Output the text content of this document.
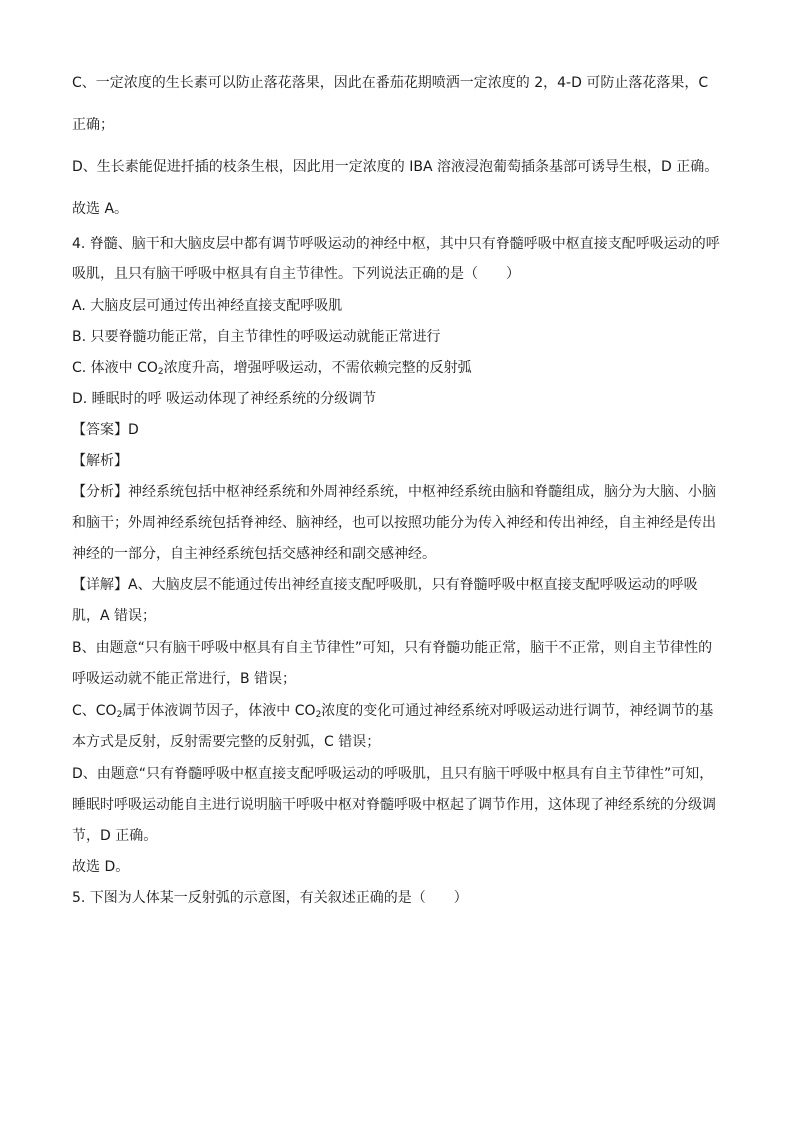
C、一定浓度的生长素可以防止落花落果，因此在番茄花期喷洒一定浓度的 2，4-D 可防止落花落果，C
正确；
D、生长素能促进扦插的枝条生根，因此用一定浓度的 IBA 溶液浸泡葡萄插条基部可诱导生根，D 正确。
故选 A。
4. 脊髓、脑干和大脑皮层中都有调节呼吸运动的神经中枢，其中只有脊髓呼吸中枢直接支配呼吸运动的呼
吸肌，且只有脑干呼吸中枢具有自主节律性。下列说法正确的是（　　）
A. 大脑皮层可通过传出神经直接支配呼吸肌
B. 只要脊髓功能正常，自主节律性的呼吸运动就能正常进行
C. 体液中 $CO_2$浓度升高，增强呼吸运动，不需依赖完整的反射弧
D. 睡眠时的呼 吸运动体现了神经系统的分级调节
【答案】D
【解析】
【分析】神经系统包括中枢神经系统和外周神经系统，中枢神经系统由脑和脊髓组成，脑分为大脑、小脑
和脑干；外周神经系统包括脊神经、脑神经，也可以按照功能分为传入神经和传出神经，自主神经是传出
神经的一部分，自主神经系统包括交感神经和副交感神经。
【详解】A、大脑皮层不能通过传出神经直接支配呼吸肌，只有脊髓呼吸中枢直接支配呼吸运动的呼吸
肌，A 错误；
B、由题意“只有脑干呼吸中枢具有自主节律性”可知，只有脊髓功能正常，脑干不正常，则自主节律性的
呼吸运动就不能正常进行，B 错误；
C、$CO_2$属于体液调节因子，体液中 $CO_2$浓度的变化可通过神经系统对呼吸运动进行调节，神经调节的基
本方式是反射，反射需要完整的反射弧，C 错误；
D、由题意“只有脊髓呼吸中枢直接支配呼吸运动的呼吸肌，且只有脑干呼吸中枢具有自主节律性”可知，
睡眠时呼吸运动能自主进行说明脑干呼吸中枢对脊髓呼吸中枢起了调节作用，这体现了神经系统的分级调
节，D 正确。
故选 D。
5. 下图为人体某一反射弧的示意图，有关叙述正确的是（　　）
